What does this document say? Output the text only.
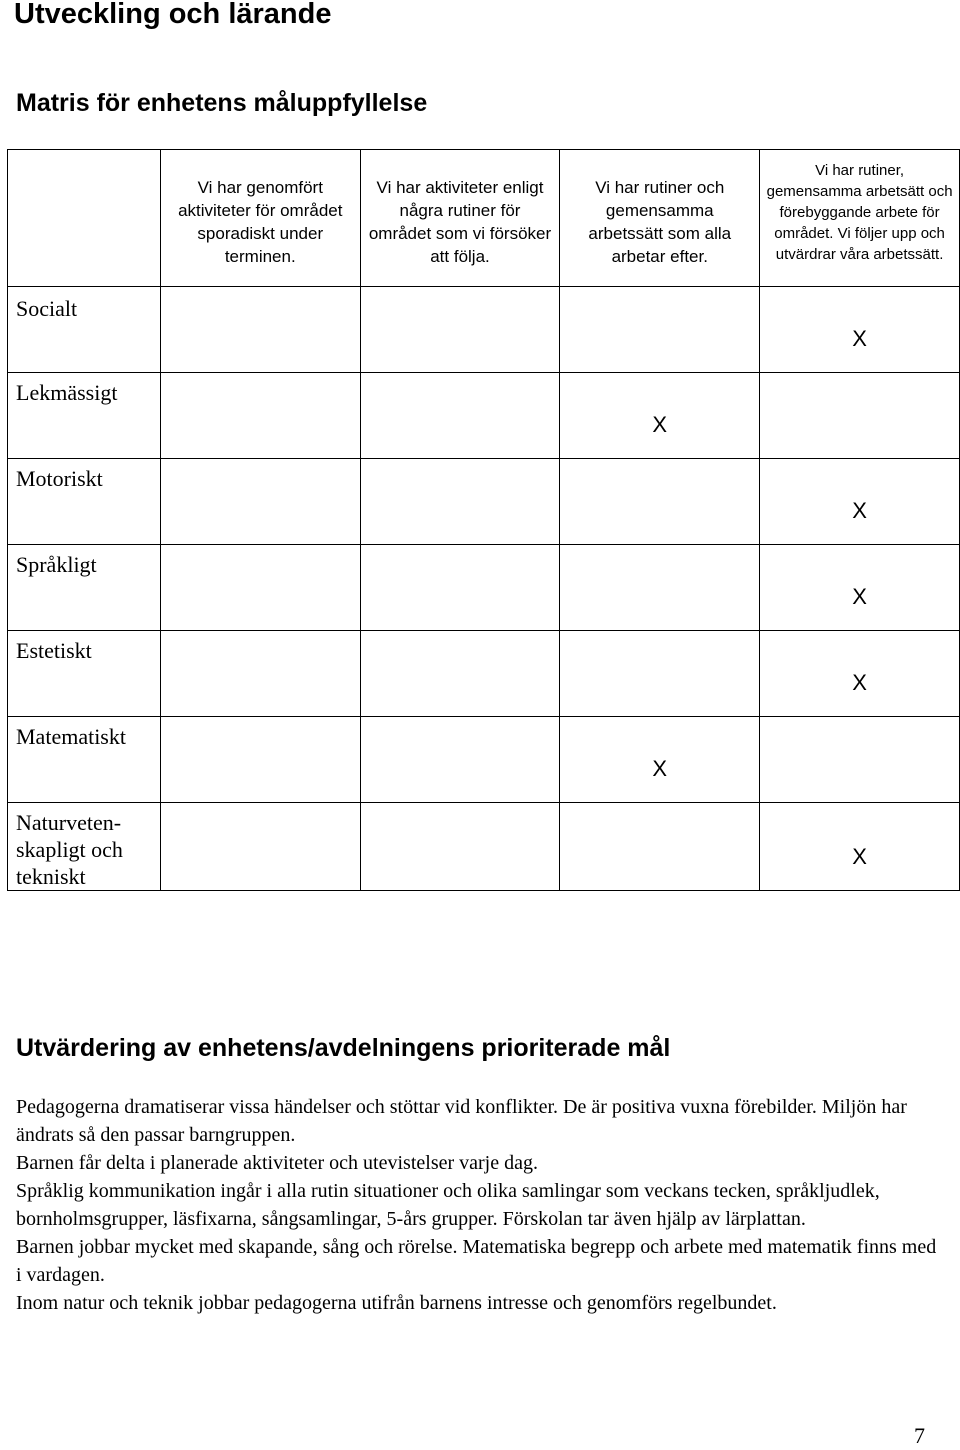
Utveckling och lärande
Matris för enhetens måluppfyllelse
	Vi har genomfört aktiviteter för området sporadiskt under terminen.	Vi har aktiviteter enligt några rutiner för området som vi försöker att följa.	Vi har rutiner och gemensamma arbetssätt som alla arbetar efter.	Vi har rutiner, gemensamma arbetsätt och förebyggande arbete för området. Vi följer upp och utvärdrar våra arbetssätt.
Socialt				X
Lekmässigt			X	
Motoriskt				X
Språkligt				X
Estetiskt				X
Matematiskt			X	
Naturveten-
skapligt och
tekniskt				X
Utvärdering av enhetens/avdelningens prioriterade mål

Pedagogerna dramatiserar vissa händelser och stöttar vid konflikter. De är positiva vuxna förebilder. Miljön har ändrats så den passar barngruppen.

Barnen får delta i planerade aktiviteter och utevistelser varje dag.

Språklig kommunikation ingår i alla rutin situationer och olika samlingar som veckans tecken, språkljudlek, bornholmsgrupper, läsfixarna, sångsamlingar, 5-års grupper. Förskolan tar även hjälp av lärplattan.

Barnen jobbar mycket med skapande, sång och rörelse. Matematiska begrepp och arbete med matematik finns med i vardagen.

Inom natur och teknik jobbar pedagogerna utifrån barnens intresse och genomförs regelbundet.

7
